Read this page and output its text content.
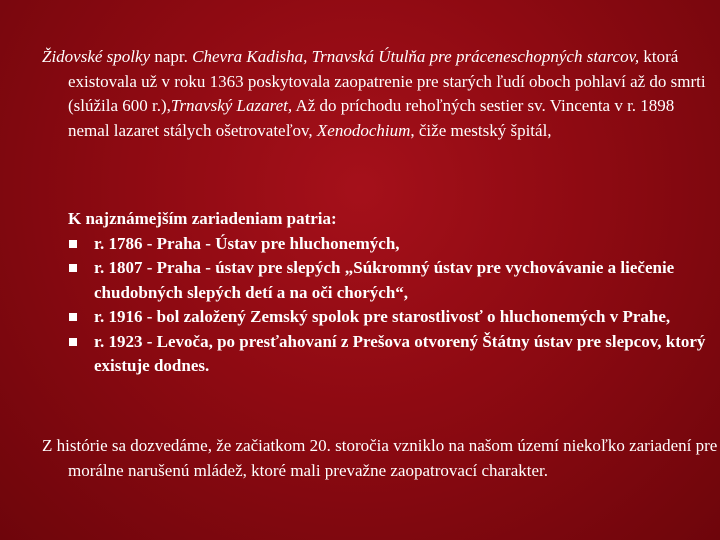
Židovské spolky napr. Chevra Kadisha, Trnavská Útulňa pre práceneschopných starcov, ktorá existovala už v roku 1363 poskytovala zaopatrenie pre starých ľudí oboch pohlaví až do smrti (slúžila 600 r.),Trnavský Lazaret, Až do príchodu rehoľných sestier sv. Vincenta v r. 1898 nemal lazaret stálych ošetrovateľov, Xenodochium, čiže mestský špitál,
K najznámejším zariadeniam patria:
r. 1786 - Praha - Ústav pre hluchonemých,
r. 1807 - Praha - ústav pre slepých „Súkromný ústav pre vychovávanie a liečenie chudobných slepých detí a na oči chorých“,
r. 1916 - bol založený Zemský spolok pre starostlivosť o hluchonemých v Prahe,
r. 1923 - Levoča, po presťahovaní z Prešova otvorený Štátny ústav pre slepcov, ktorý existuje dodnes.
Z histórie sa dozvedáme, že začiatkom 20. storočia vzniklo na našom území niekoľko zariadení pre morálne narušenú mládež, ktoré mali prevažne zaopatrovací charakter.
